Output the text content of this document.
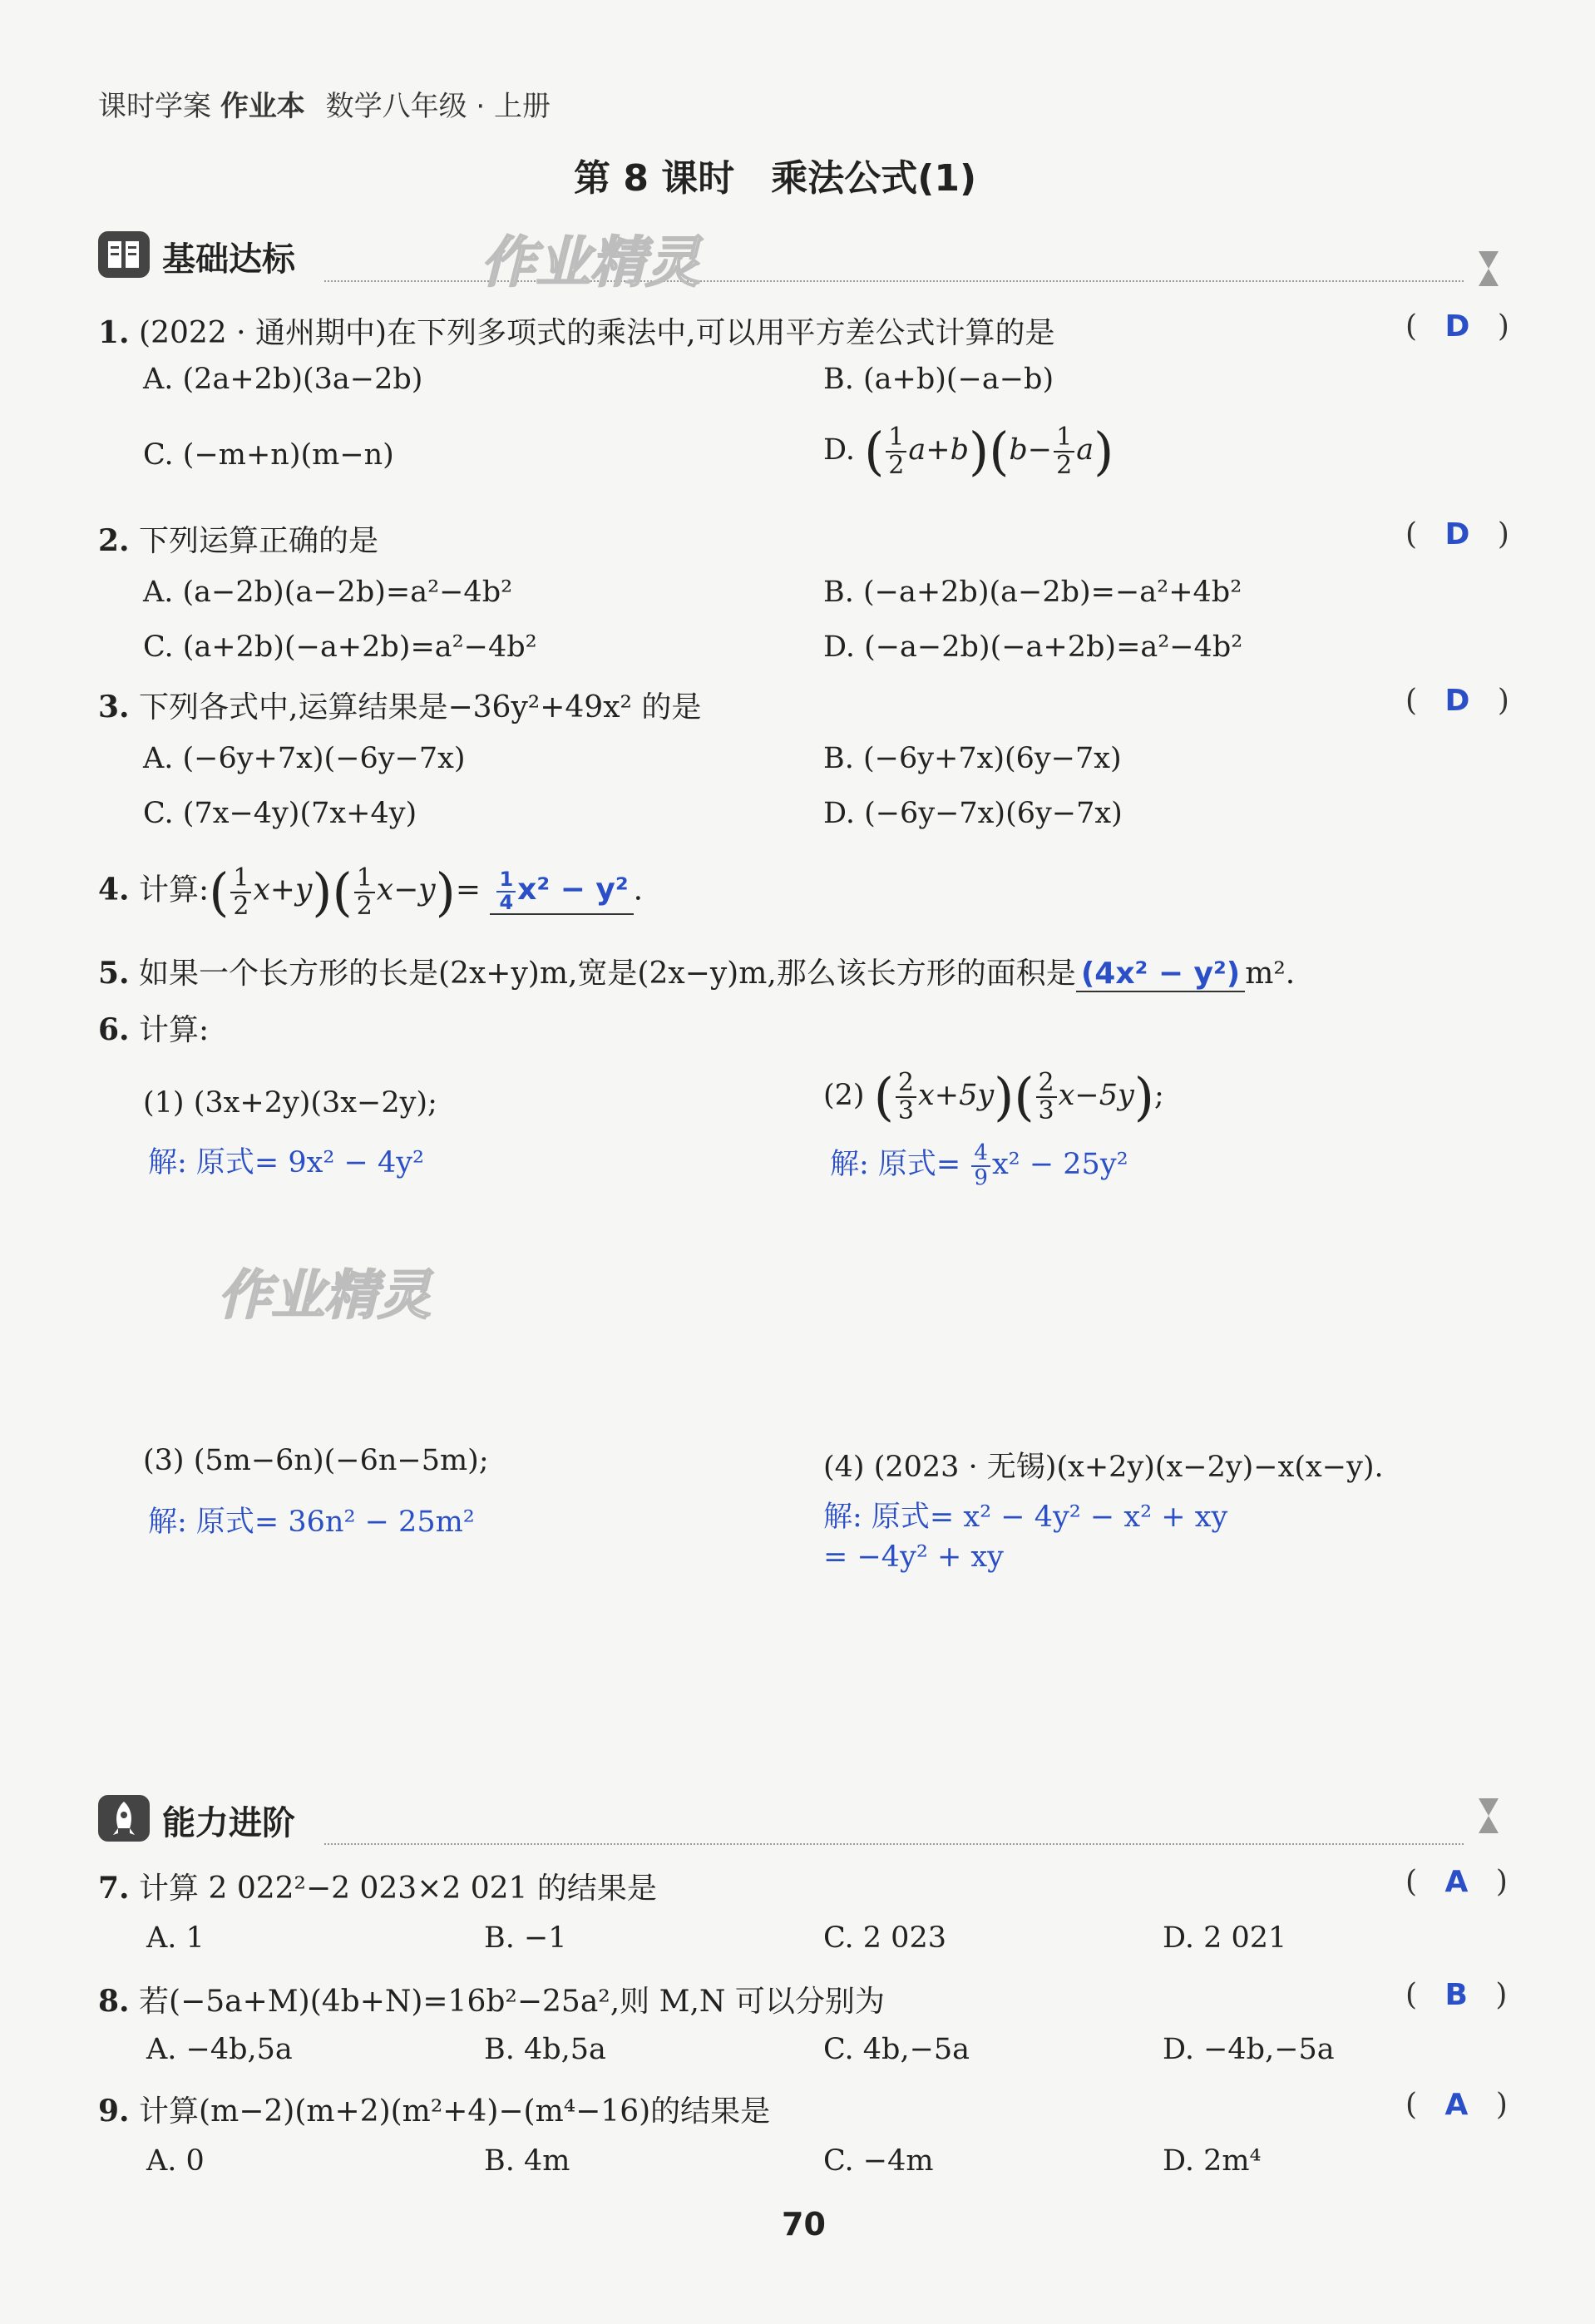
课时学案 作业本 数学八年级 · 上册
第 8 课时　乘法公式(1)
基础达标	作业精灵
1. (2022 · 通州期中)在下列多项式的乘法中,可以用平方差公式计算的是	( D )
A. (2a+2b)(3a−2b)	B. (a+b)(−a−b)
C. (−m+n)(m−n)	D. ( $\frac{1}{2} a+b)(b- \frac{1}{2} a)$
2. 下列运算正确的是	( D )
A. (a−2b)(a−2b)=a²−4b²	B. (−a+2b)(a−2b)=−a²+4b²
C. (a+2b)(−a+2b)=a²−4b²	D. (−a−2b)(−a+2b)=a²−4b²
3. 下列各式中,运算结果是−36y²+49x² 的是	( D )
A. (−6y+7x)(−6y−7x)	B. (−6y+7x)(6y−7x)
C. (7x−4y)(7x+4y)	D. (−6y−7x)(6y−7x)
4. 计算:( $\frac{1}{2} x+y)( \frac{1}{2} x-y)= \frac{1}{4} x^2 - y^2$ .
5. 如果一个长方形的长是(2x+y)m,宽是(2x−y)m,那么该长方形的面积是 (4x² − y²) m².
6. 计算:
(1) (3x+2y)(3x−2y);
解: 原式= 9x² − 4y²
(2) ( $\frac{2}{3} x+5y)( \frac{2}{3} x-5y)$;
解: 原式= $\frac{4}{9} x^2 - 25y^2$
作业精灵
(3) (5m−6n)(−6n−5m);
解: 原式= 36n² − 25m²
(4) (2023 · 无锡)(x+2y)(x−2y)−x(x−y).
解: 原式= x² − 4y² − x² + xy
= −4y² + xy
能力进阶
7. 计算 2 022²−2 023×2 021 的结果是	( A )
A. 1	B. −1	C. 2 023	D. 2 021
8. 若(−5a+M)(4b+N)=16b²−25a²,则 M,N 可以分别为	( B )
A. −4b,5a	B. 4b,5a	C. 4b,−5a	D. −4b,−5a
9. 计算(m−2)(m+2)(m²+4)−(m⁴−16)的结果是	( A )
A. 0	B. 4m	C. −4m	D. 2m⁴
70
